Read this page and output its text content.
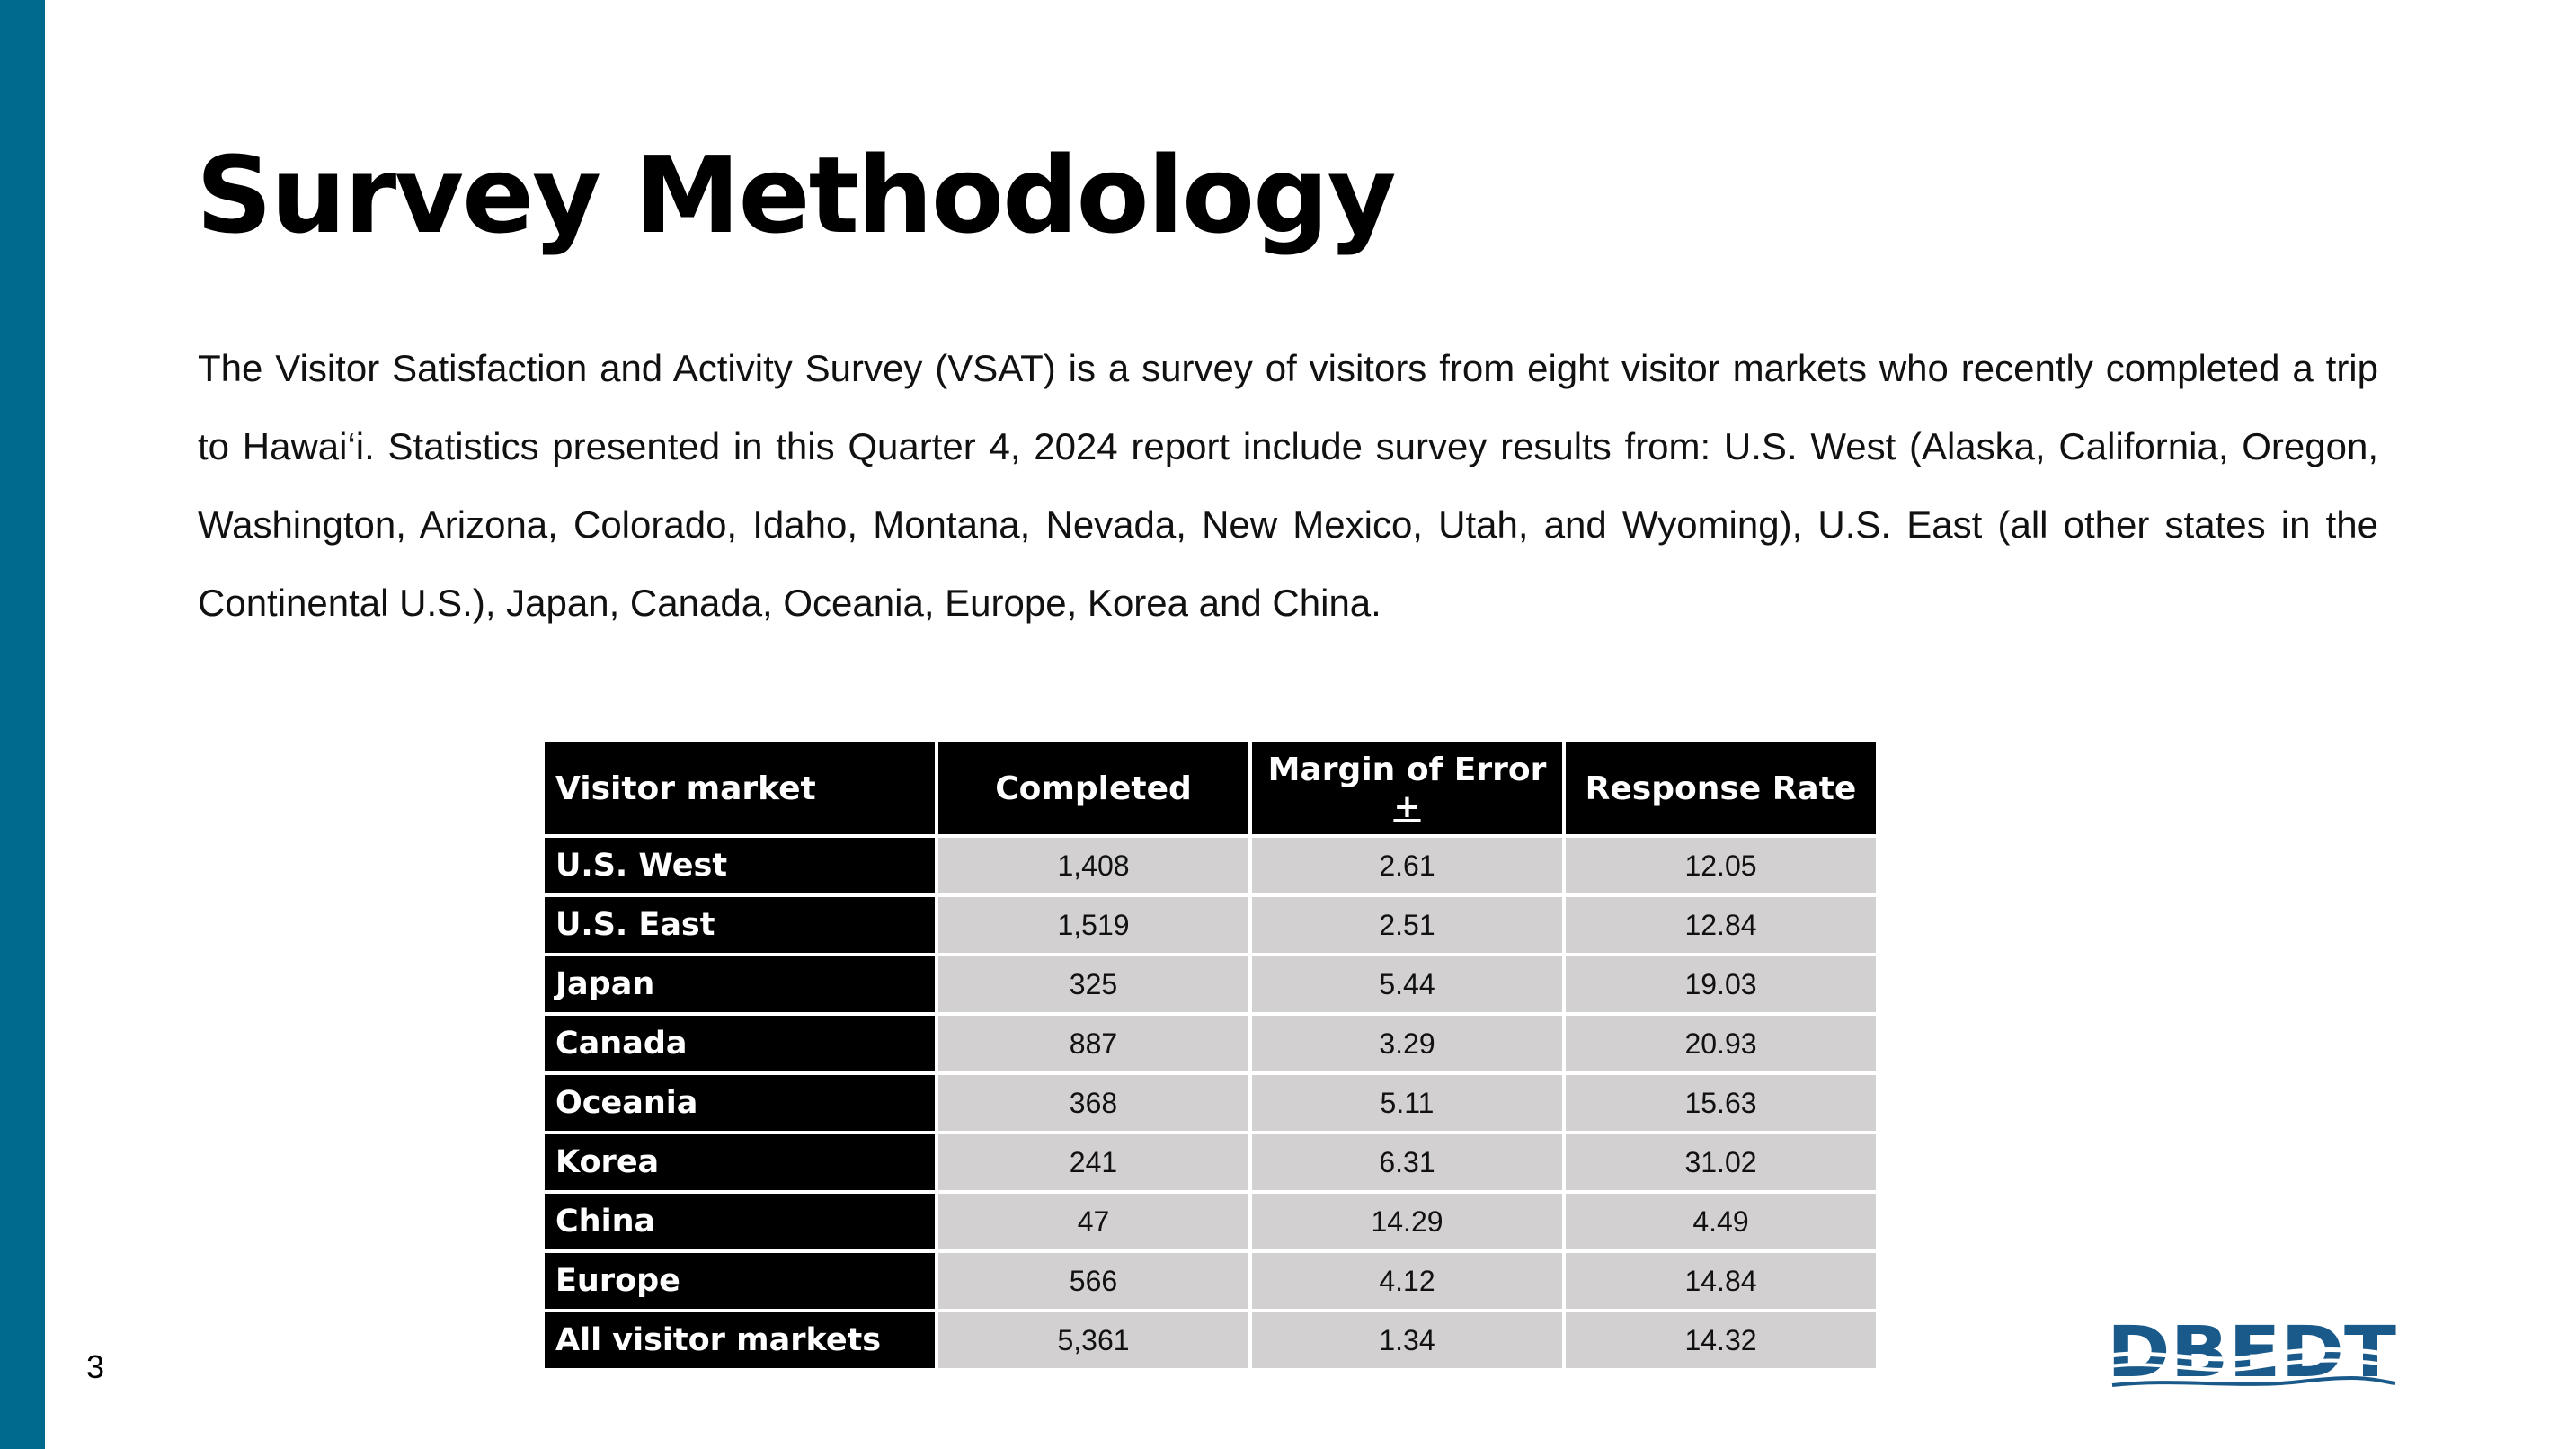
Survey Methodology

The Visitor Satisfaction and Activity Survey (VSAT) is a survey of visitors from eight visitor markets who recently completed a trip to Hawai‘i. Statistics presented in this Quarter 4, 2024 report include survey results from: U.S. West (Alaska, California, Oregon, Washington, Arizona, Colorado, Idaho, Montana, Nevada, New Mexico, Utah, and Wyoming), U.S. East (all other states in the Continental U.S.), Japan, Canada, Oceania, Europe, Korea and China.

Visitor market	Completed	Margin of Error +	Response Rate
U.S. West	1,408	2.61	12.05
U.S. East	1,519	2.51	12.84
Japan	325	5.44	19.03
Canada	887	3.29	20.93
Oceania	368	5.11	15.63
Korea	241	6.31	31.02
China	47	14.29	4.49
Europe	566	4.12	14.84
All visitor markets	5,361	1.34	14.32
3	DBEDT
